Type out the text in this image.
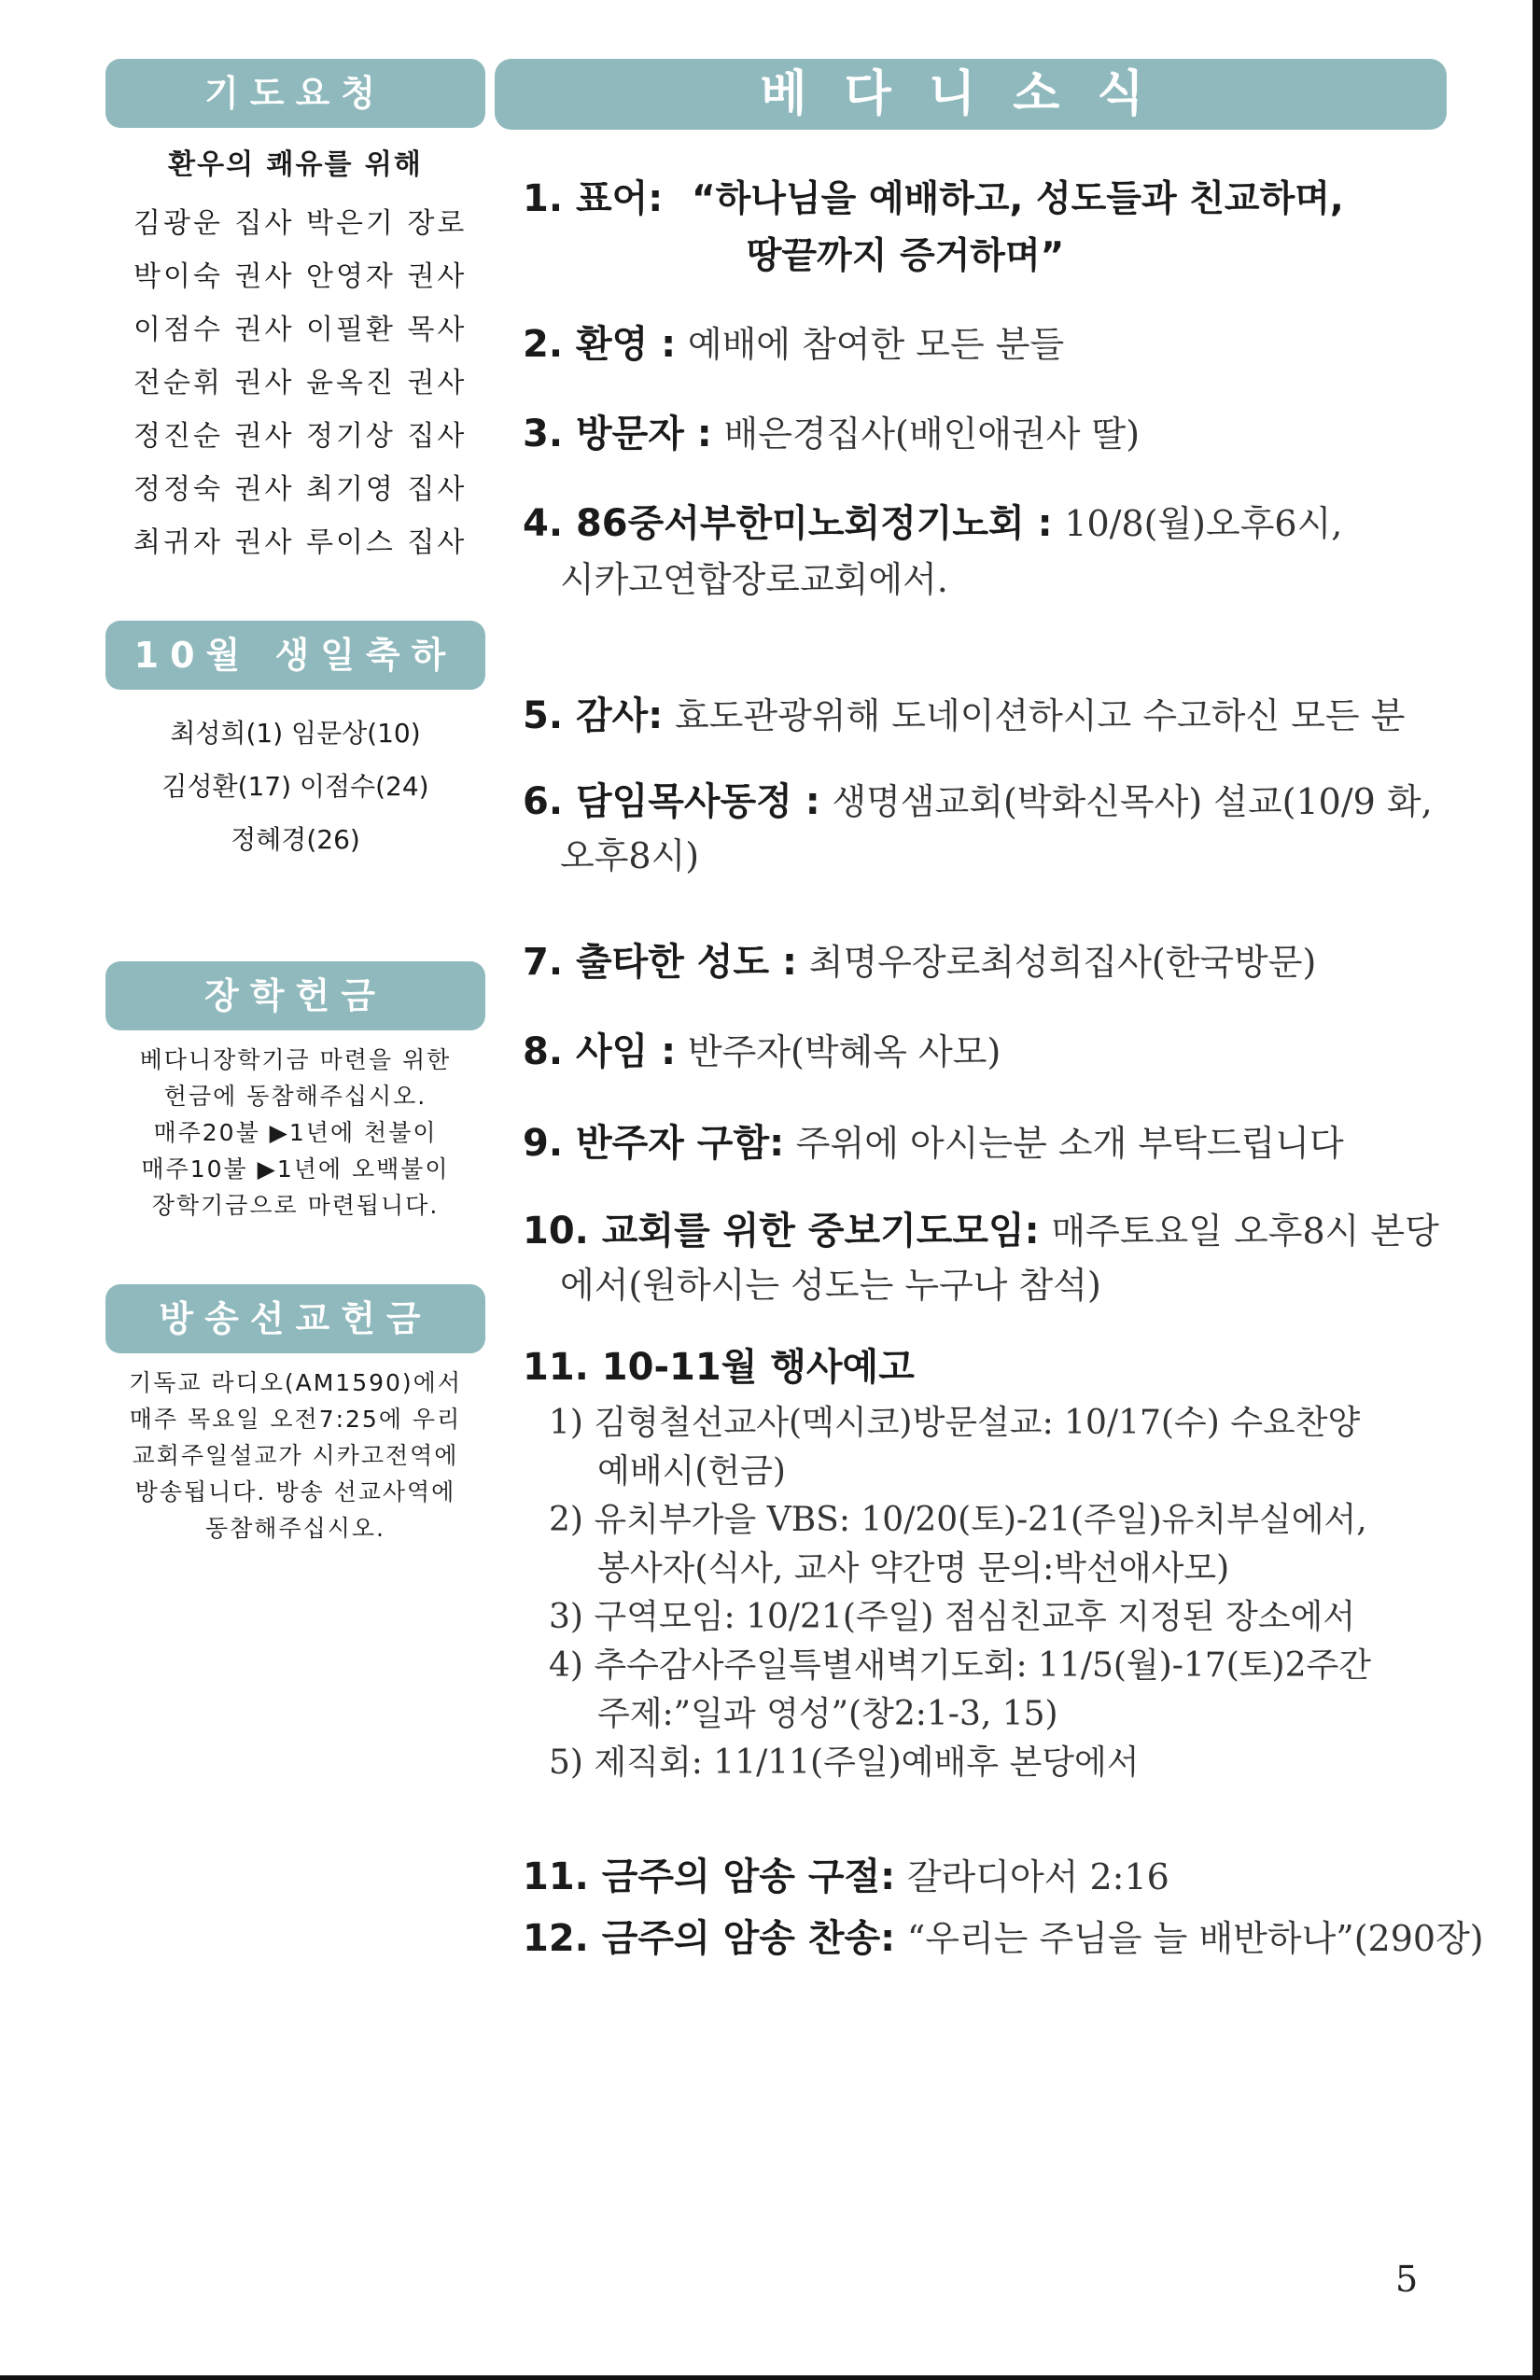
기도요청
환우의 쾌유를 위해
김광운 집사 박은기 장로
박이숙 권사 안영자 권사
이점수 권사 이필환 목사
전순휘 권사 윤옥진 권사
정진순 권사 정기상 집사
정정숙 권사 최기영 집사
최귀자 권사 루이스 집사
10월 생일축하
최성희(1) 임문상(10)
김성환(17) 이점수(24)
정혜경(26)
장학헌금
베다니장학기금 마련을 위한
헌금에 동참해주십시오.
매주20불 ▶1년에 천불이
매주10불 ▶1년에 오백불이
장학기금으로 마련됩니다.
방송선교헌금
기독교 라디오(AM1590)에서
매주 목요일 오전7:25에 우리
교회주일설교가 시카고전역에
방송됩니다. 방송 선교사역에
동참해주십시오.
베다니소식
1. 표어: “하나님을 예배하고, 성도들과 친교하며,
땅끝까지 증거하며”
2. 환영 : 예배에 참여한 모든 분들
3. 방문자 : 배은경집사(배인애권사 딸)
4. 86중서부한미노회정기노회 : 10/8(월)오후6시,
시카고연합장로교회에서.
5. 감사: 효도관광위해 도네이션하시고 수고하신 모든 분
6. 담임목사동정 : 생명샘교회(박화신목사) 설교(10/9 화,
오후8시)
7. 출타한 성도 : 최명우장로최성희집사(한국방문)
8. 사임 : 반주자(박혜옥 사모)
9. 반주자 구함: 주위에 아시는분 소개 부탁드립니다
10. 교회를 위한 중보기도모임: 매주토요일 오후8시 본당
에서(원하시는 성도는 누구나 참석)
11. 10-11월 행사예고
1) 김형철선교사(멕시코)방문설교: 10/17(수) 수요찬양
예배시(헌금)
2) 유치부가을 VBS: 10/20(토)-21(주일)유치부실에서,
봉사자(식사, 교사 약간명 문의:박선애사모)
3) 구역모임: 10/21(주일) 점심친교후 지정된 장소에서
4) 추수감사주일특별새벽기도회: 11/5(월)-17(토)2주간
주제:”일과 영성”(창2:1-3, 15)
5) 제직회: 11/11(주일)예배후 본당에서
11. 금주의 암송 구절: 갈라디아서 2:16
12. 금주의 암송 찬송: “우리는 주님을 늘 배반하나”(290장)
5
